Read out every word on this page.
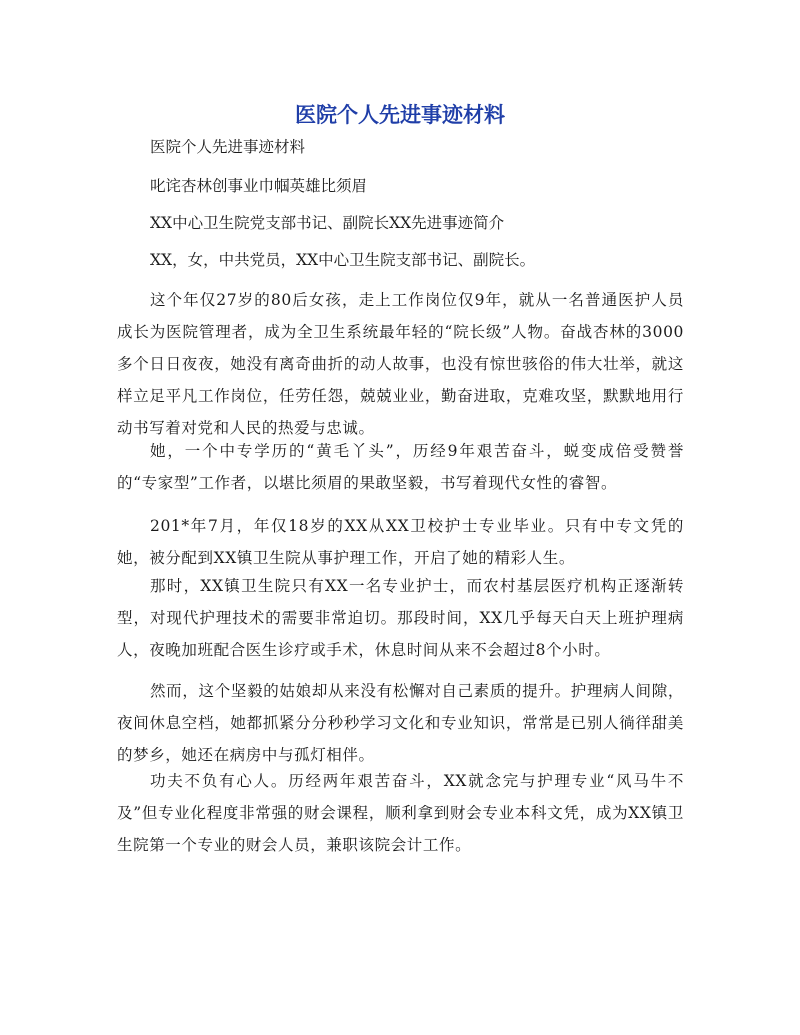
医院个人先进事迹材料

医院个人先进事迹材料

叱诧杏林创事业巾帼英雄比须眉

XX中心卫生院党支部书记、副院长XX先进事迹简介

XX，女，中共党员，XX中心卫生院支部书记、副院长。

这个年仅27岁的80后女孩，走上工作岗位仅9年，就从一名普通医护人员成长为医院管理者，成为全卫生系统最年轻的“院长级”人物。奋战杏林的3000多个日日夜夜，她没有离奇曲折的动人故事，也没有惊世骇俗的伟大壮举，就这样立足平凡工作岗位，任劳任怨，兢兢业业，勤奋进取，克难攻坚，默默地用行动书写着对党和人民的热爱与忠诚。

她，一个中专学历的“黄毛丫头”，历经9年艰苦奋斗，蜕变成倍受赞誉的“专家型”工作者，以堪比须眉的果敢坚毅，书写着现代女性的睿智。

201*年7月，年仅18岁的XX从XX卫校护士专业毕业。只有中专文凭的她，被分配到XX镇卫生院从事护理工作，开启了她的精彩人生。

那时，XX镇卫生院只有XX一名专业护士，而农村基层医疗机构正逐渐转型，对现代护理技术的需要非常迫切。那段时间，XX几乎每天白天上班护理病人，夜晚加班配合医生诊疗或手术，休息时间从来不会超过8个小时。

然而，这个坚毅的姑娘却从来没有松懈对自己素质的提升。护理病人间隙，夜间休息空档，她都抓紧分分秒秒学习文化和专业知识，常常是已别人徜徉甜美的梦乡，她还在病房中与孤灯相伴。

功夫不负有心人。历经两年艰苦奋斗，XX就念完与护理专业“风马牛不及”但专业化程度非常强的财会课程，顺利拿到财会专业本科文凭，成为XX镇卫生院第一个专业的财会人员，兼职该院会计工作。
